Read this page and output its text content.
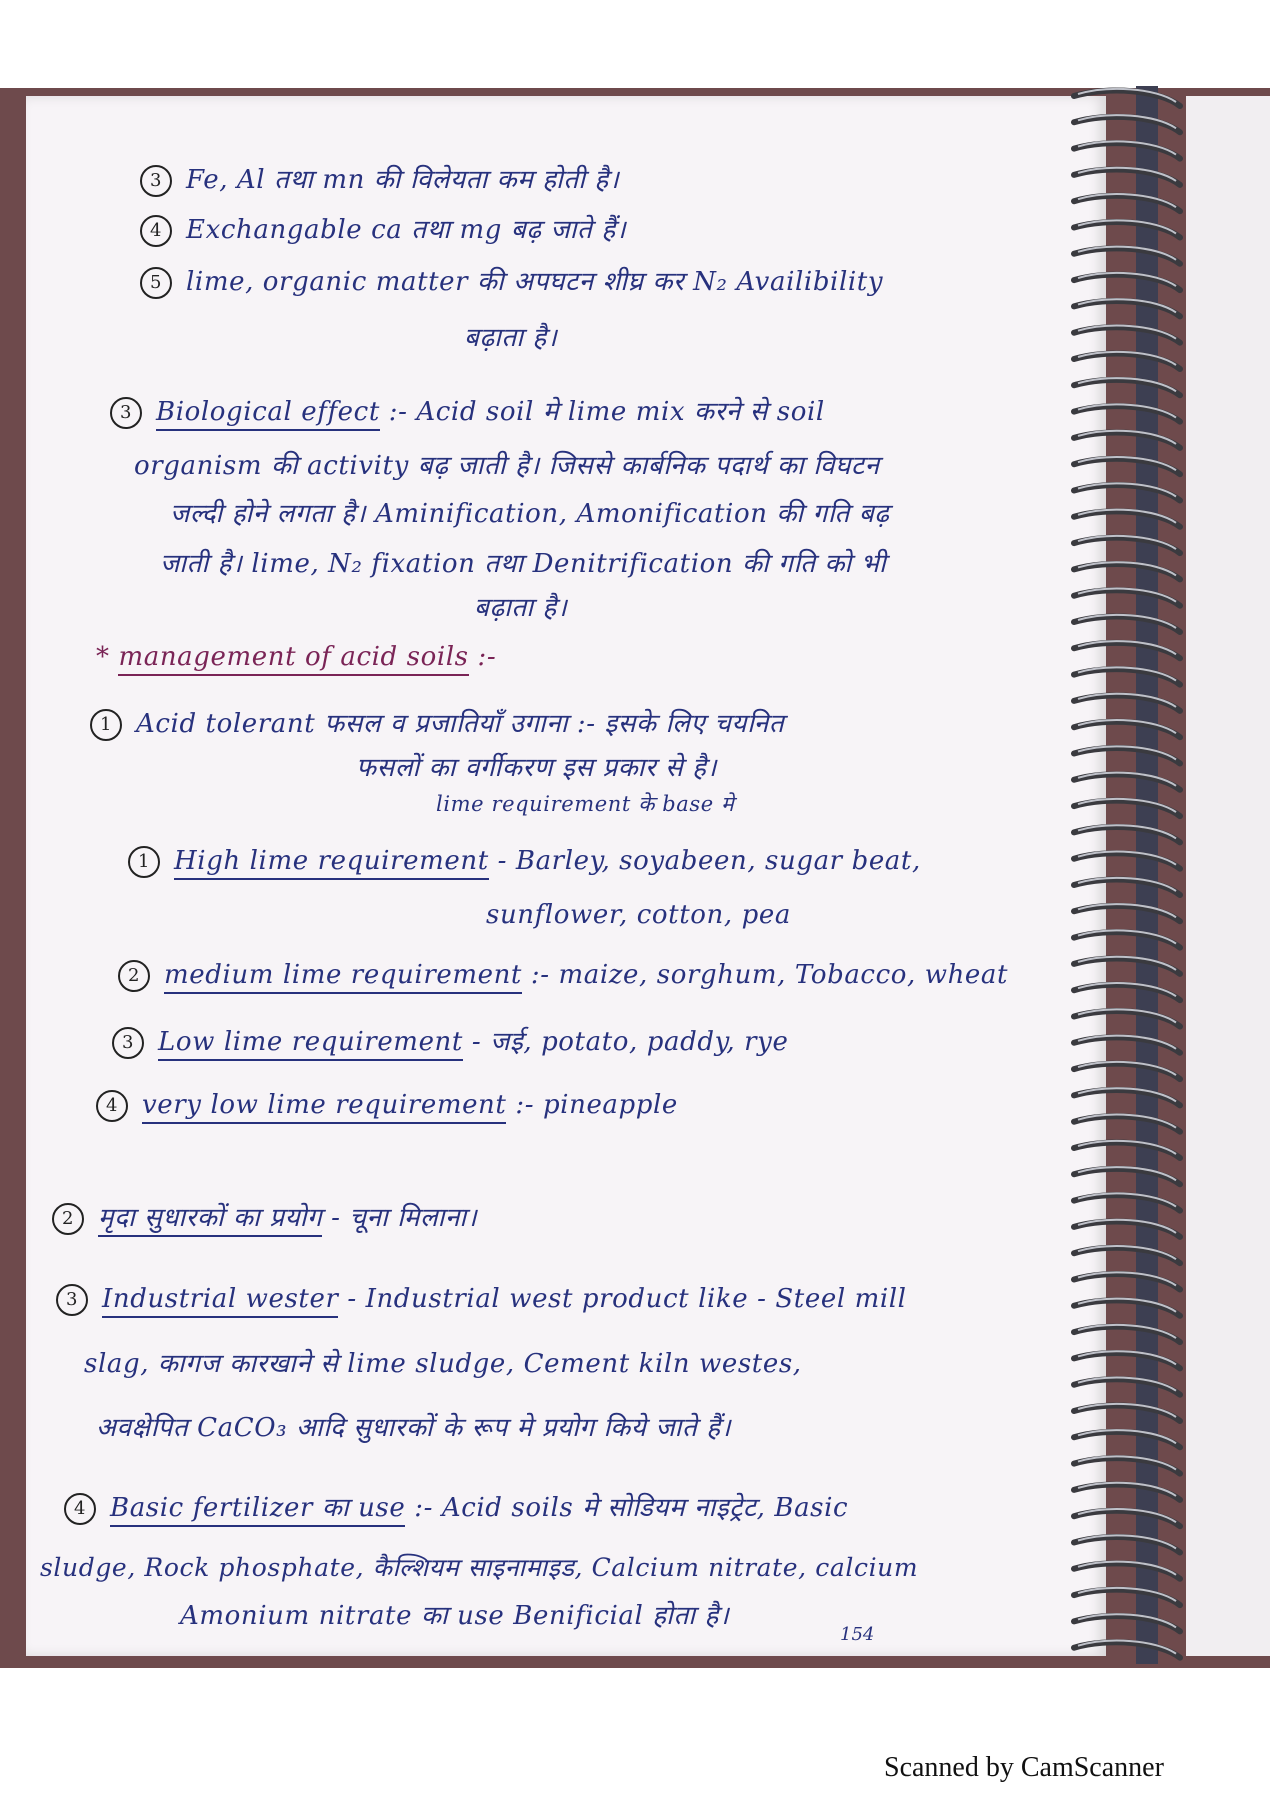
3 Fe, Al तथा mn की विलेयता कम होती है।

4 Exchangable ca तथा mg बढ़ जाते हैं।

5 lime, organic matter की अपघटन शीघ्र कर N₂ Availibility

बढ़ाता है।

3 Biological effect :- Acid soil मे lime mix करने से soil

organism की activity बढ़ जाती है। जिससे कार्बनिक पदार्थ का विघटन

जल्दी होने लगता है। Aminification, Amonification की गति बढ़

जाती है। lime, N₂ fixation तथा Denitrification की गति को भी

बढ़ाता है।

* management of acid soils :-

1 Acid tolerant फसल व प्रजातियाँ उगाना :- इसके लिए चयनित

फसलों का वर्गीकरण इस प्रकार से है।

lime requirement के base मे

1 High lime requirement - Barley, soyabeen, sugar beat,

sunflower, cotton, pea

2 medium lime requirement :- maize, sorghum, Tobacco, wheat

3 Low lime requirement - जई, potato, paddy, rye

4 very low lime requirement :- pineapple

2 मृदा सुधारकों का प्रयोग - चूना मिलाना।

3 Industrial wester - Industrial west product like - Steel mill

slag, कागज कारखाने से lime sludge, Cement kiln westes,

अवक्षेपित CaCO₃ आदि सुधारकों के रूप मे प्रयोग किये जाते हैं।

4 Basic fertilizer का use :- Acid soils मे सोडियम नाइट्रेट, Basic

sludge, Rock phosphate, कैल्शियम साइनामाइड, Calcium nitrate, calcium

Amonium nitrate का use Benificial होता है।

154
Scanned by CamScanner
